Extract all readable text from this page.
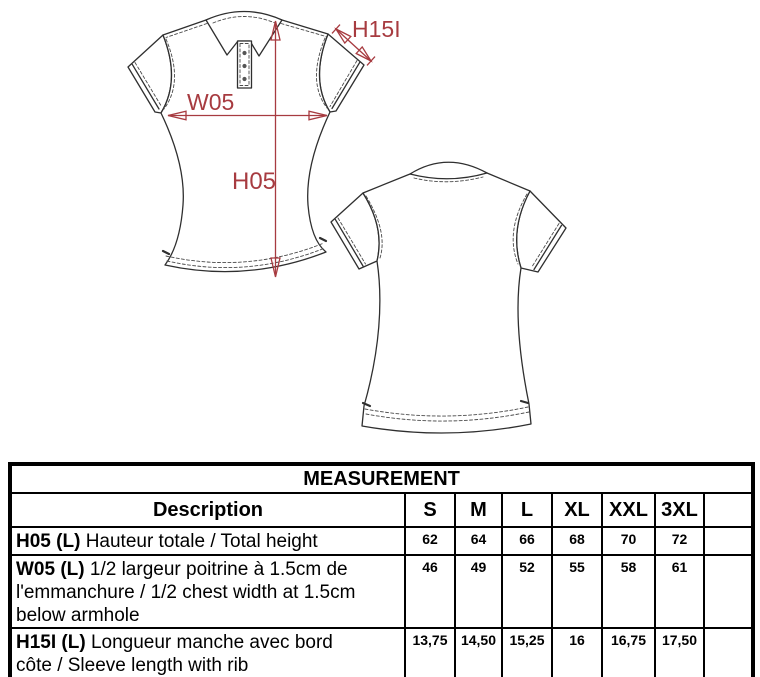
W05
H05
H15I
MEASUREMENT							
Description	S	M	L	XL	XXL	3XL	

H05 (L) Hauteur totale / Total height	62	64	66	68	70	72	

W05 (L) 1/2 largeur poitrine à 1.5cm de l'emmanchure / 1/2 chest width at 1.5cm below armhole	46	49	52	55	58	61	

H15I (L) Longueur manche avec bord côte / Sleeve length with rib	13,75	14,50	15,25	16	16,75	17,50	
